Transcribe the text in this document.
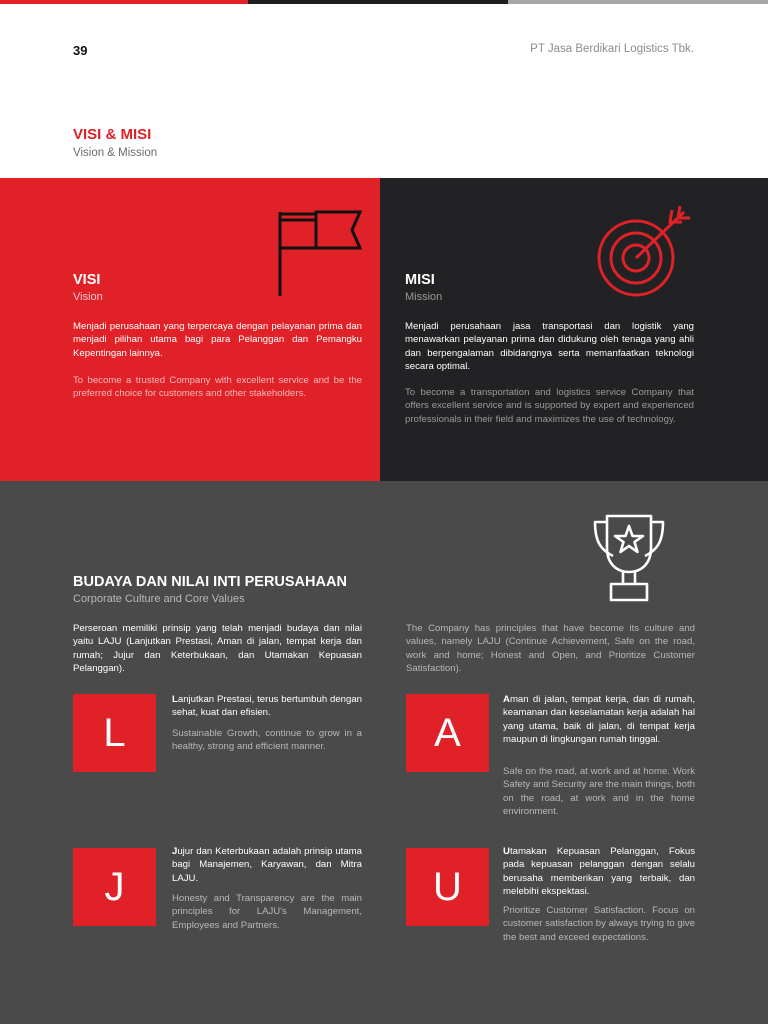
39	PT Jasa Berdikari Logistics Tbk.
VISI & MISI
Vision & Mission
VISI
Vision
Menjadi perusahaan yang terpercaya dengan pelayanan prima dan menjadi pilihan utama bagi para Pelanggan dan Pemangku Kepentingan lainnya.
To become a trusted Company with excellent service and be the preferred choice for customers and other stakeholders.
MISI
Mission
Menjadi perusahaan jasa transportasi dan logistik yang menawarkan pelayanan prima dan didukung oleh tenaga yang ahli dan berpengalaman dibidangnya serta memanfaatkan teknologi secara optimal.
To become a transportation and logistics service Company that offers excellent service and is supported by expert and experienced professionals in their field and maximizes the use of technology.
BUDAYA DAN NILAI INTI PERUSAHAAN
Corporate Culture and Core Values
Perseroan memiliki prinsip yang telah menjadi budaya dan nilai yaitu LAJU (Lanjutkan Prestasi, Aman di jalan, tempat kerja dan rumah; Jujur dan Keterbukaan, dan Utamakan Kepuasan Pelanggan).
The Company has principles that have become its culture and values, namely LAJU (Continue Achievement, Safe on the road, work and home; Honest and Open, and Prioritize Customer Satisfaction).
L
Lanjutkan Prestasi, terus bertumbuh dengan sehat, kuat dan efisien.
Sustainable Growth, continue to grow in a healthy, strong and efficient manner.	A
Aman di jalan, tempat kerja, dan di rumah, keamanan dan keselamatan kerja adalah hal yang utama, baik di jalan, di tempat kerja maupun di lingkungan rumah tinggal.
Safe on the road, at work and at home. Work Safety and Security are the main things, both on the road, at work and in the home environment.
J
Jujur dan Keterbukaan adalah prinsip utama bagi Manajemen, Karyawan, dan Mitra LAJU.
Honesty and Transparency are the main principles for LAJU's Management, Employees and Partners.
U
Utamakan Kepuasan Pelanggan, Fokus pada kepuasan pelanggan dengan selalu berusaha memberikan yang terbaik, dan melebihi ekspektasi.
Prioritize Customer Satisfaction. Focus on customer satisfaction by always trying to give the best and exceed expectations.
